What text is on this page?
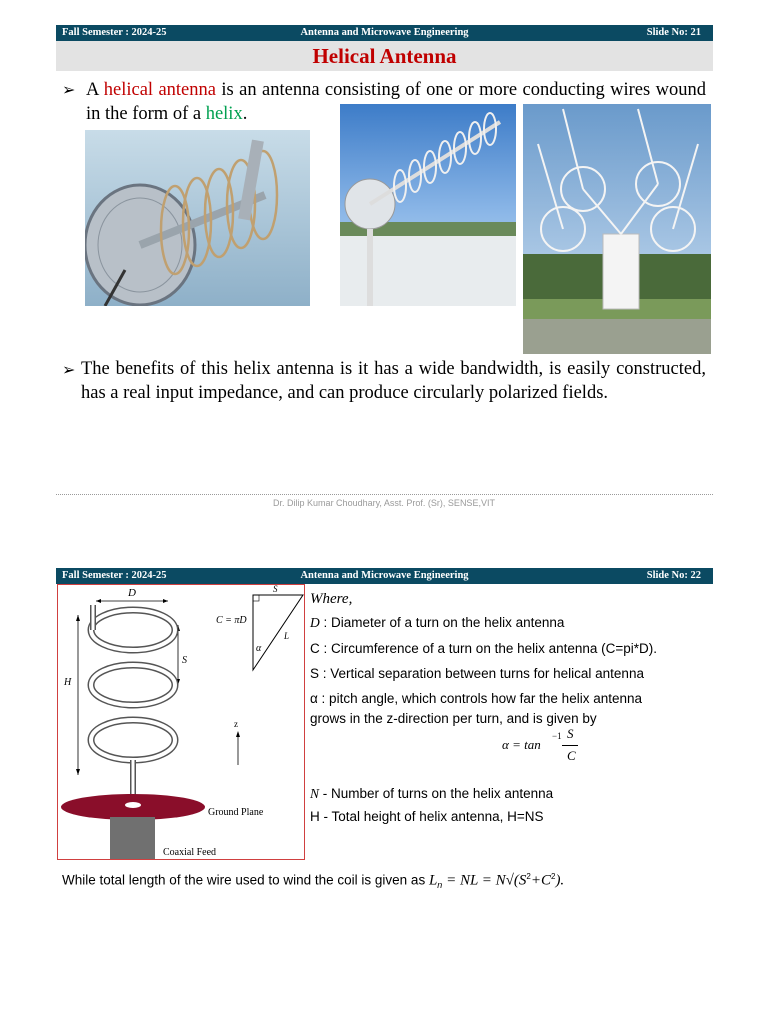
Fall Semester : 2024-25	Antenna and Microwave Engineering	Slide No: 21
Helical Antenna
➢ A helical antenna is an antenna consisting of one or more conducting wires wound in the form of a helix.
➢ The benefits of this helix antenna is it has a wide bandwidth, is easily constructed, has a real input impedance, and can produce circularly polarized fields.
Dr. Dilip Kumar Choudhary, Asst. Prof. (Sr), SENSE,VIT
Fall Semester : 2024-25	Antenna and Microwave Engineering	Slide No: 22
D
H
S
C = πD
S
L
α
z
Ground Plane
Coaxial Feed
Where,
D : Diameter of a turn on the helix antenna
C : Circumference of a turn on the helix antenna (C=pi*D).
S : Vertical separation between turns for helical antenna
α : pitch angle, which controls how far the helix antenna
grows in the z-direction per turn, and is given by
N - Number of turns on the helix antenna
H - Total height of helix antenna, H=NS
α = tan
−1 S
C
While total length of the wire used to wind the coil is given as $L_n$ = NL = $N√(S^2+C^2)$.
